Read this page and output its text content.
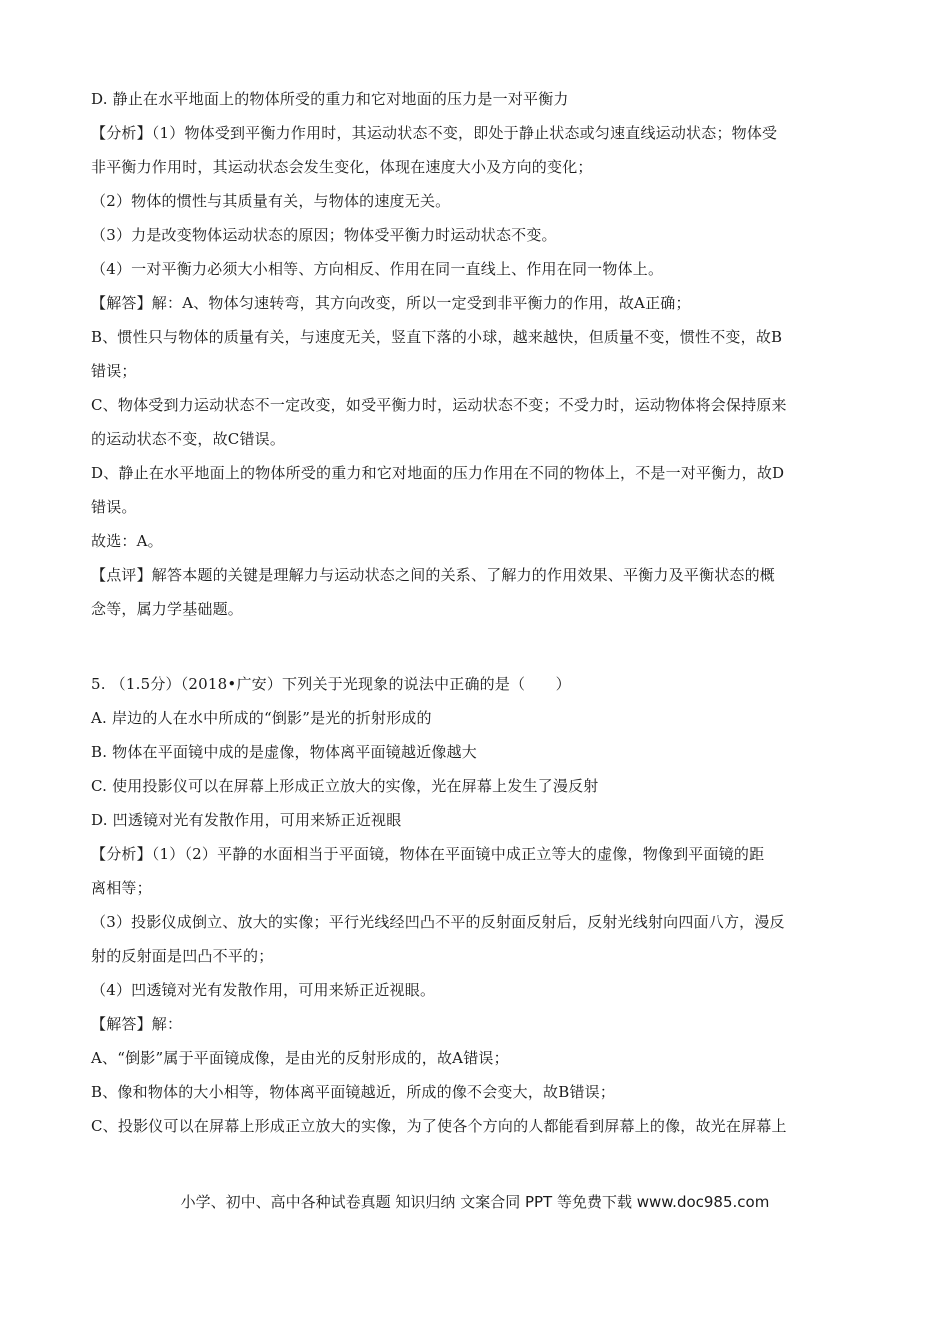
D. 静止在水平地面上的物体所受的重力和它对地面的压力是一对平衡力
【分析】（1）物体受到平衡力作用时，其运动状态不变，即处于静止状态或匀速直线运动状态；物体受
非平衡力作用时，其运动状态会发生变化，体现在速度大小及方向的变化；
（2）物体的惯性与其质量有关，与物体的速度无关。
（3）力是改变物体运动状态的原因；物体受平衡力时运动状态不变。
（4）一对平衡力必须大小相等、方向相反、作用在同一直线上、作用在同一物体上。
【解答】解：A、物体匀速转弯，其方向改变，所以一定受到非平衡力的作用，故A正确；
B、惯性只与物体的质量有关，与速度无关，竖直下落的小球，越来越快，但质量不变，惯性不变，故B
错误；
C、物体受到力运动状态不一定改变，如受平衡力时，运动状态不变；不受力时，运动物体将会保持原来
的运动状态不变，故C错误。
D、静止在水平地面上的物体所受的重力和它对地面的压力作用在不同的物体上，不是一对平衡力，故D
错误。
故选：A。
【点评】解答本题的关键是理解力与运动状态之间的关系、了解力的作用效果、平衡力及平衡状态的概
念等，属力学基础题。
5. （1.5分）（2018•广安）下列关于光现象的说法中正确的是（　　）
A. 岸边的人在水中所成的“倒影”是光的折射形成的
B. 物体在平面镜中成的是虚像，物体离平面镜越近像越大
C. 使用投影仪可以在屏幕上形成正立放大的实像，光在屏幕上发生了漫反射
D. 凹透镜对光有发散作用，可用来矫正近视眼
【分析】（1）（2）平静的水面相当于平面镜，物体在平面镜中成正立等大的虚像，物像到平面镜的距
离相等；
（3）投影仪成倒立、放大的实像；平行光线经凹凸不平的反射面反射后，反射光线射向四面八方，漫反
射的反射面是凹凸不平的；
（4）凹透镜对光有发散作用，可用来矫正近视眼。
【解答】解：
A、“倒影”属于平面镜成像，是由光的反射形成的，故A错误；
B、像和物体的大小相等，物体离平面镜越近，所成的像不会变大，故B错误；
C、投影仪可以在屏幕上形成正立放大的实像，为了使各个方向的人都能看到屏幕上的像，故光在屏幕上
小学、初中、高中各种试卷真题 知识归纳 文案合同 PPT 等免费下载 www.doc985.com
